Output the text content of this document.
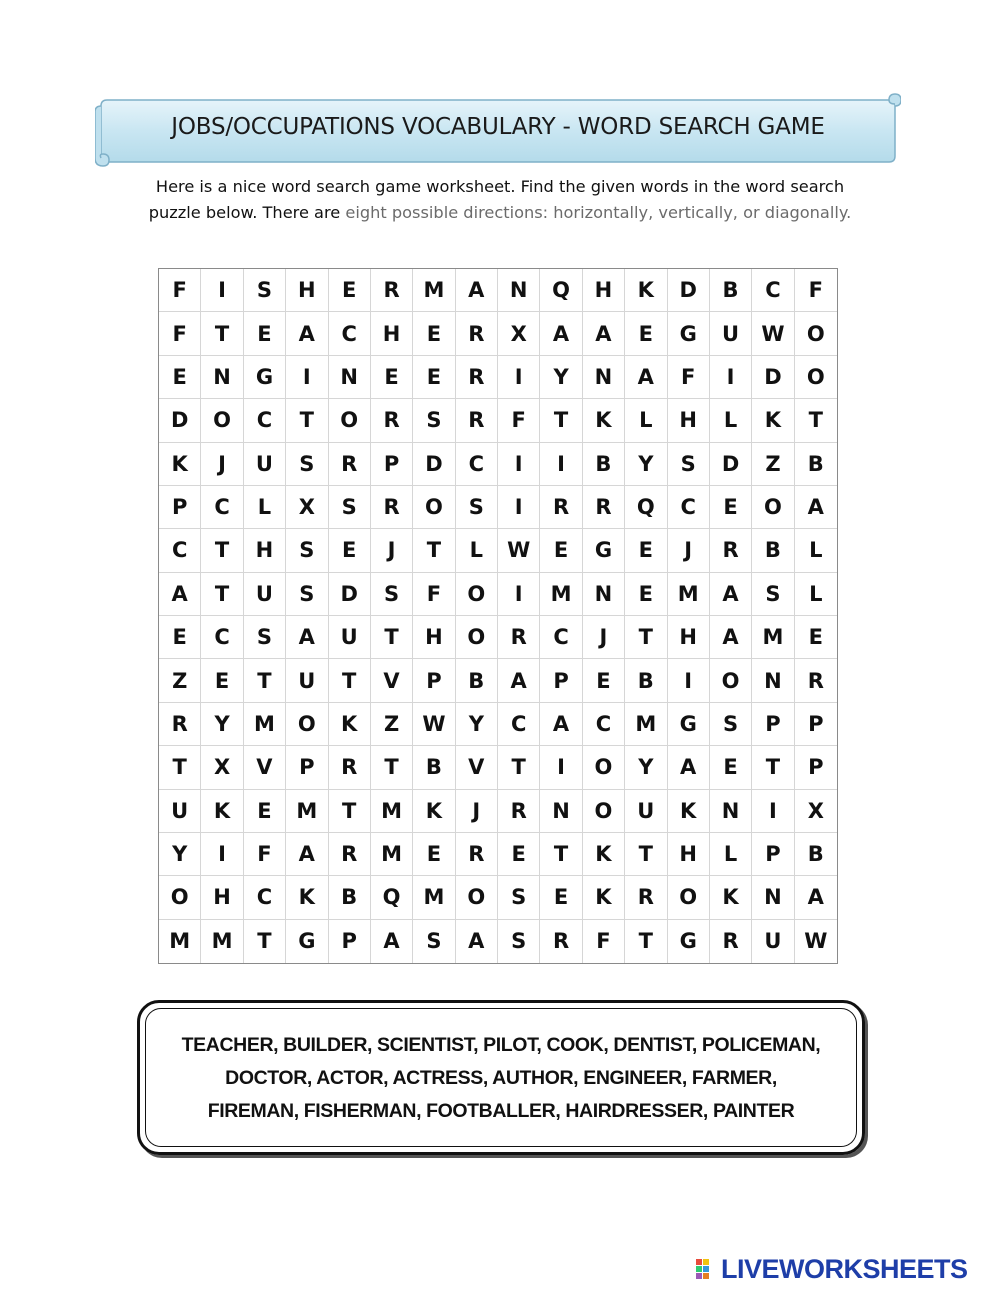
JOBS/OCCUPATIONS VOCABULARY - WORD SEARCH GAME
Here is a nice word search game worksheet. Find the given words in the word search
puzzle below. There are eight possible directions: horizontally, vertically, or diagonally.
F	I	S	H	E	R	M	A	N	Q	H	K	D	B	C	F
F	T	E	A	C	H	E	R	X	A	A	E	G	U	W	O
E	N	G	I	N	E	E	R	I	Y	N	A	F	I	D	O
D	O	C	T	O	R	S	R	F	T	K	L	H	L	K	T
K	J	U	S	R	P	D	C	I	I	B	Y	S	D	Z	B
P	C	L	X	S	R	O	S	I	R	R	Q	C	E	O	A
C	T	H	S	E	J	T	L	W	E	G	E	J	R	B	L
A	T	U	S	D	S	F	O	I	M	N	E	M	A	S	L
E	C	S	A	U	T	H	O	R	C	J	T	H	A	M	E
Z	E	T	U	T	V	P	B	A	P	E	B	I	O	N	R
R	Y	M	O	K	Z	W	Y	C	A	C	M	G	S	P	P
T	X	V	P	R	T	B	V	T	I	O	Y	A	E	T	P
U	K	E	M	T	M	K	J	R	N	O	U	K	N	I	X
Y	I	F	A	R	M	E	R	E	T	K	T	H	L	P	B
O	H	C	K	B	Q	M	O	S	E	K	R	O	K	N	A
M	M	T	G	P	A	S	A	S	R	F	T	G	R	U	W
TEACHER, BUILDER, SCIENTIST, PILOT, COOK, DENTIST, POLICEMAN,
DOCTOR, ACTOR, ACTRESS, AUTHOR, ENGINEER, FARMER,
FIREMAN, FISHERMAN, FOOTBALLER, HAIRDRESSER, PAINTER
LIVEWORKSHEETS
